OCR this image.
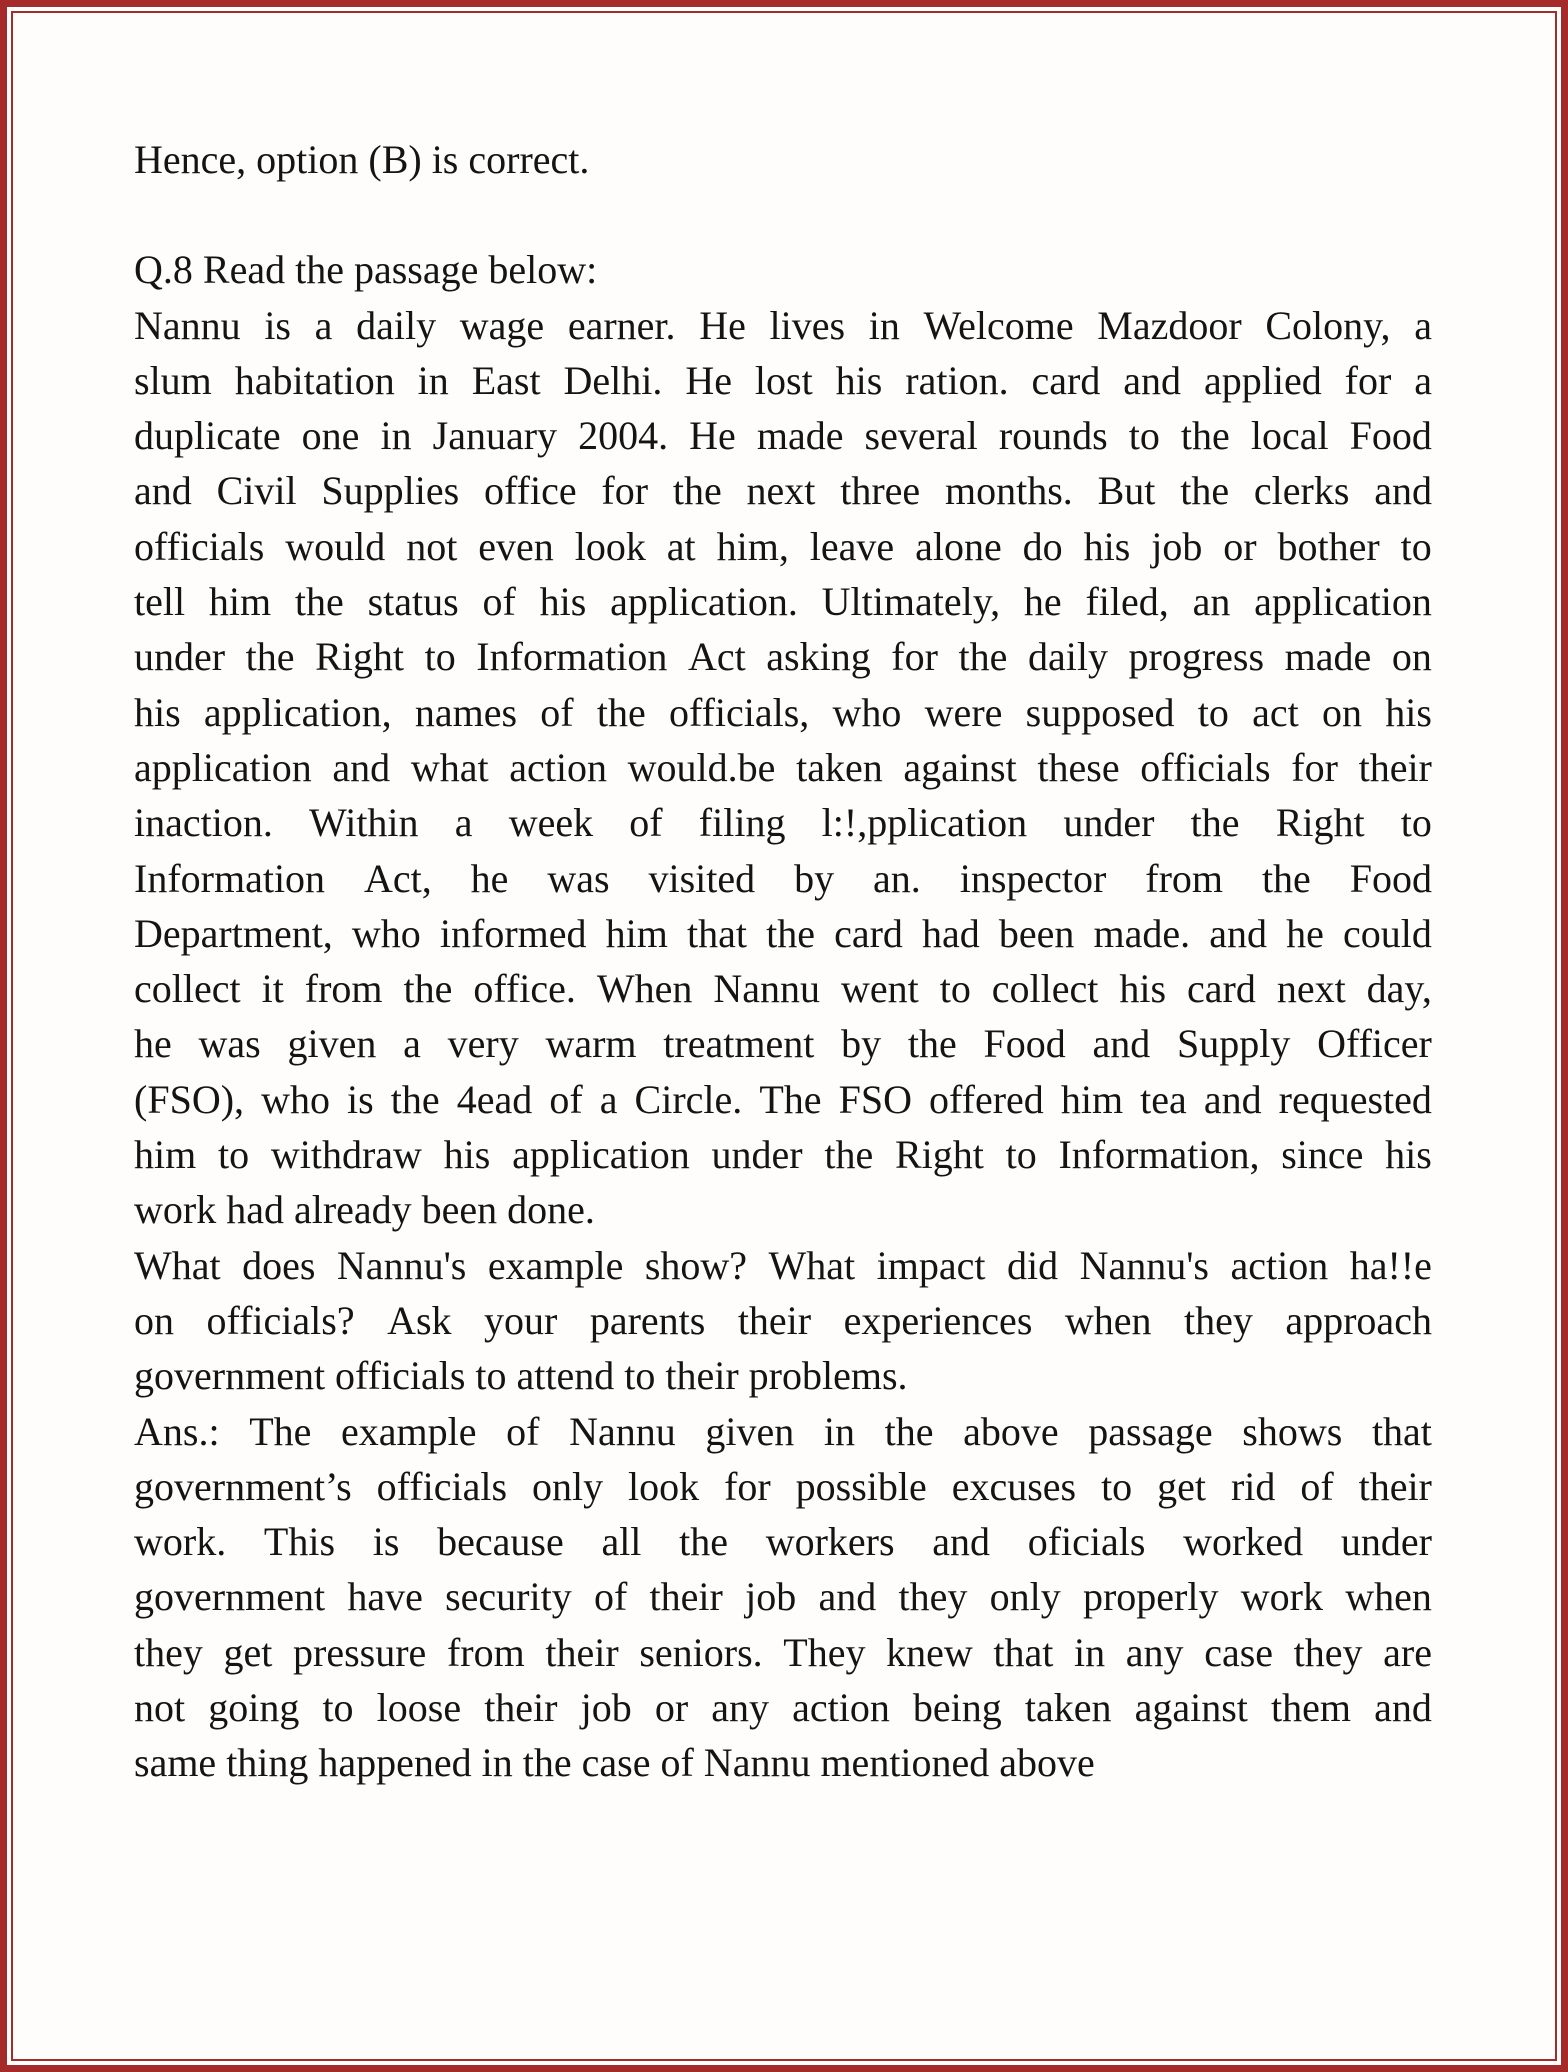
Hence, option (B) is correct.
Q.8 Read the passage below:
Nannu is a daily wage earner. He lives in Welcome Mazdoor Colony, a
slum habitation in East Delhi. He lost his ration. card and applied for a
duplicate one in January 2004. He made several rounds to the local Food
and Civil Supplies office for the next three months. But the clerks and
officials would not even look at him, leave alone do his job or bother to
tell him the status of his application. Ultimately, he filed, an application
under the Right to Information Act asking for the daily progress made on
his application, names of the officials, who were supposed to act on his
application and what action would.be taken against these officials for their
inaction. Within a week of filing l:!,pplication under the Right to
Information Act, he was visited by an. inspector from the Food
Department, who informed him that the card had been made. and he could
collect it from the office. When Nannu went to collect his card next day,
he was given a very warm treatment by the Food and Supply Officer
(FSO), who is the 4ead of a Circle. The FSO offered him tea and requested
him to withdraw his application under the Right to Information, since his
work had already been done.
What does Nannu's example show? What impact did Nannu's action ha!!e
on officials? Ask your parents their experiences when they approach
government officials to attend to their problems.
Ans.: The example of Nannu given in the above passage shows that
government’s officials only look for possible excuses to get rid of their
work. This is because all the workers and oficials worked under
government have security of their job and they only properly work when
they get pressure from their seniors. They knew that in any case they are
not going to loose their job or any action being taken against them and
same thing happened in the case of Nannu mentioned above
